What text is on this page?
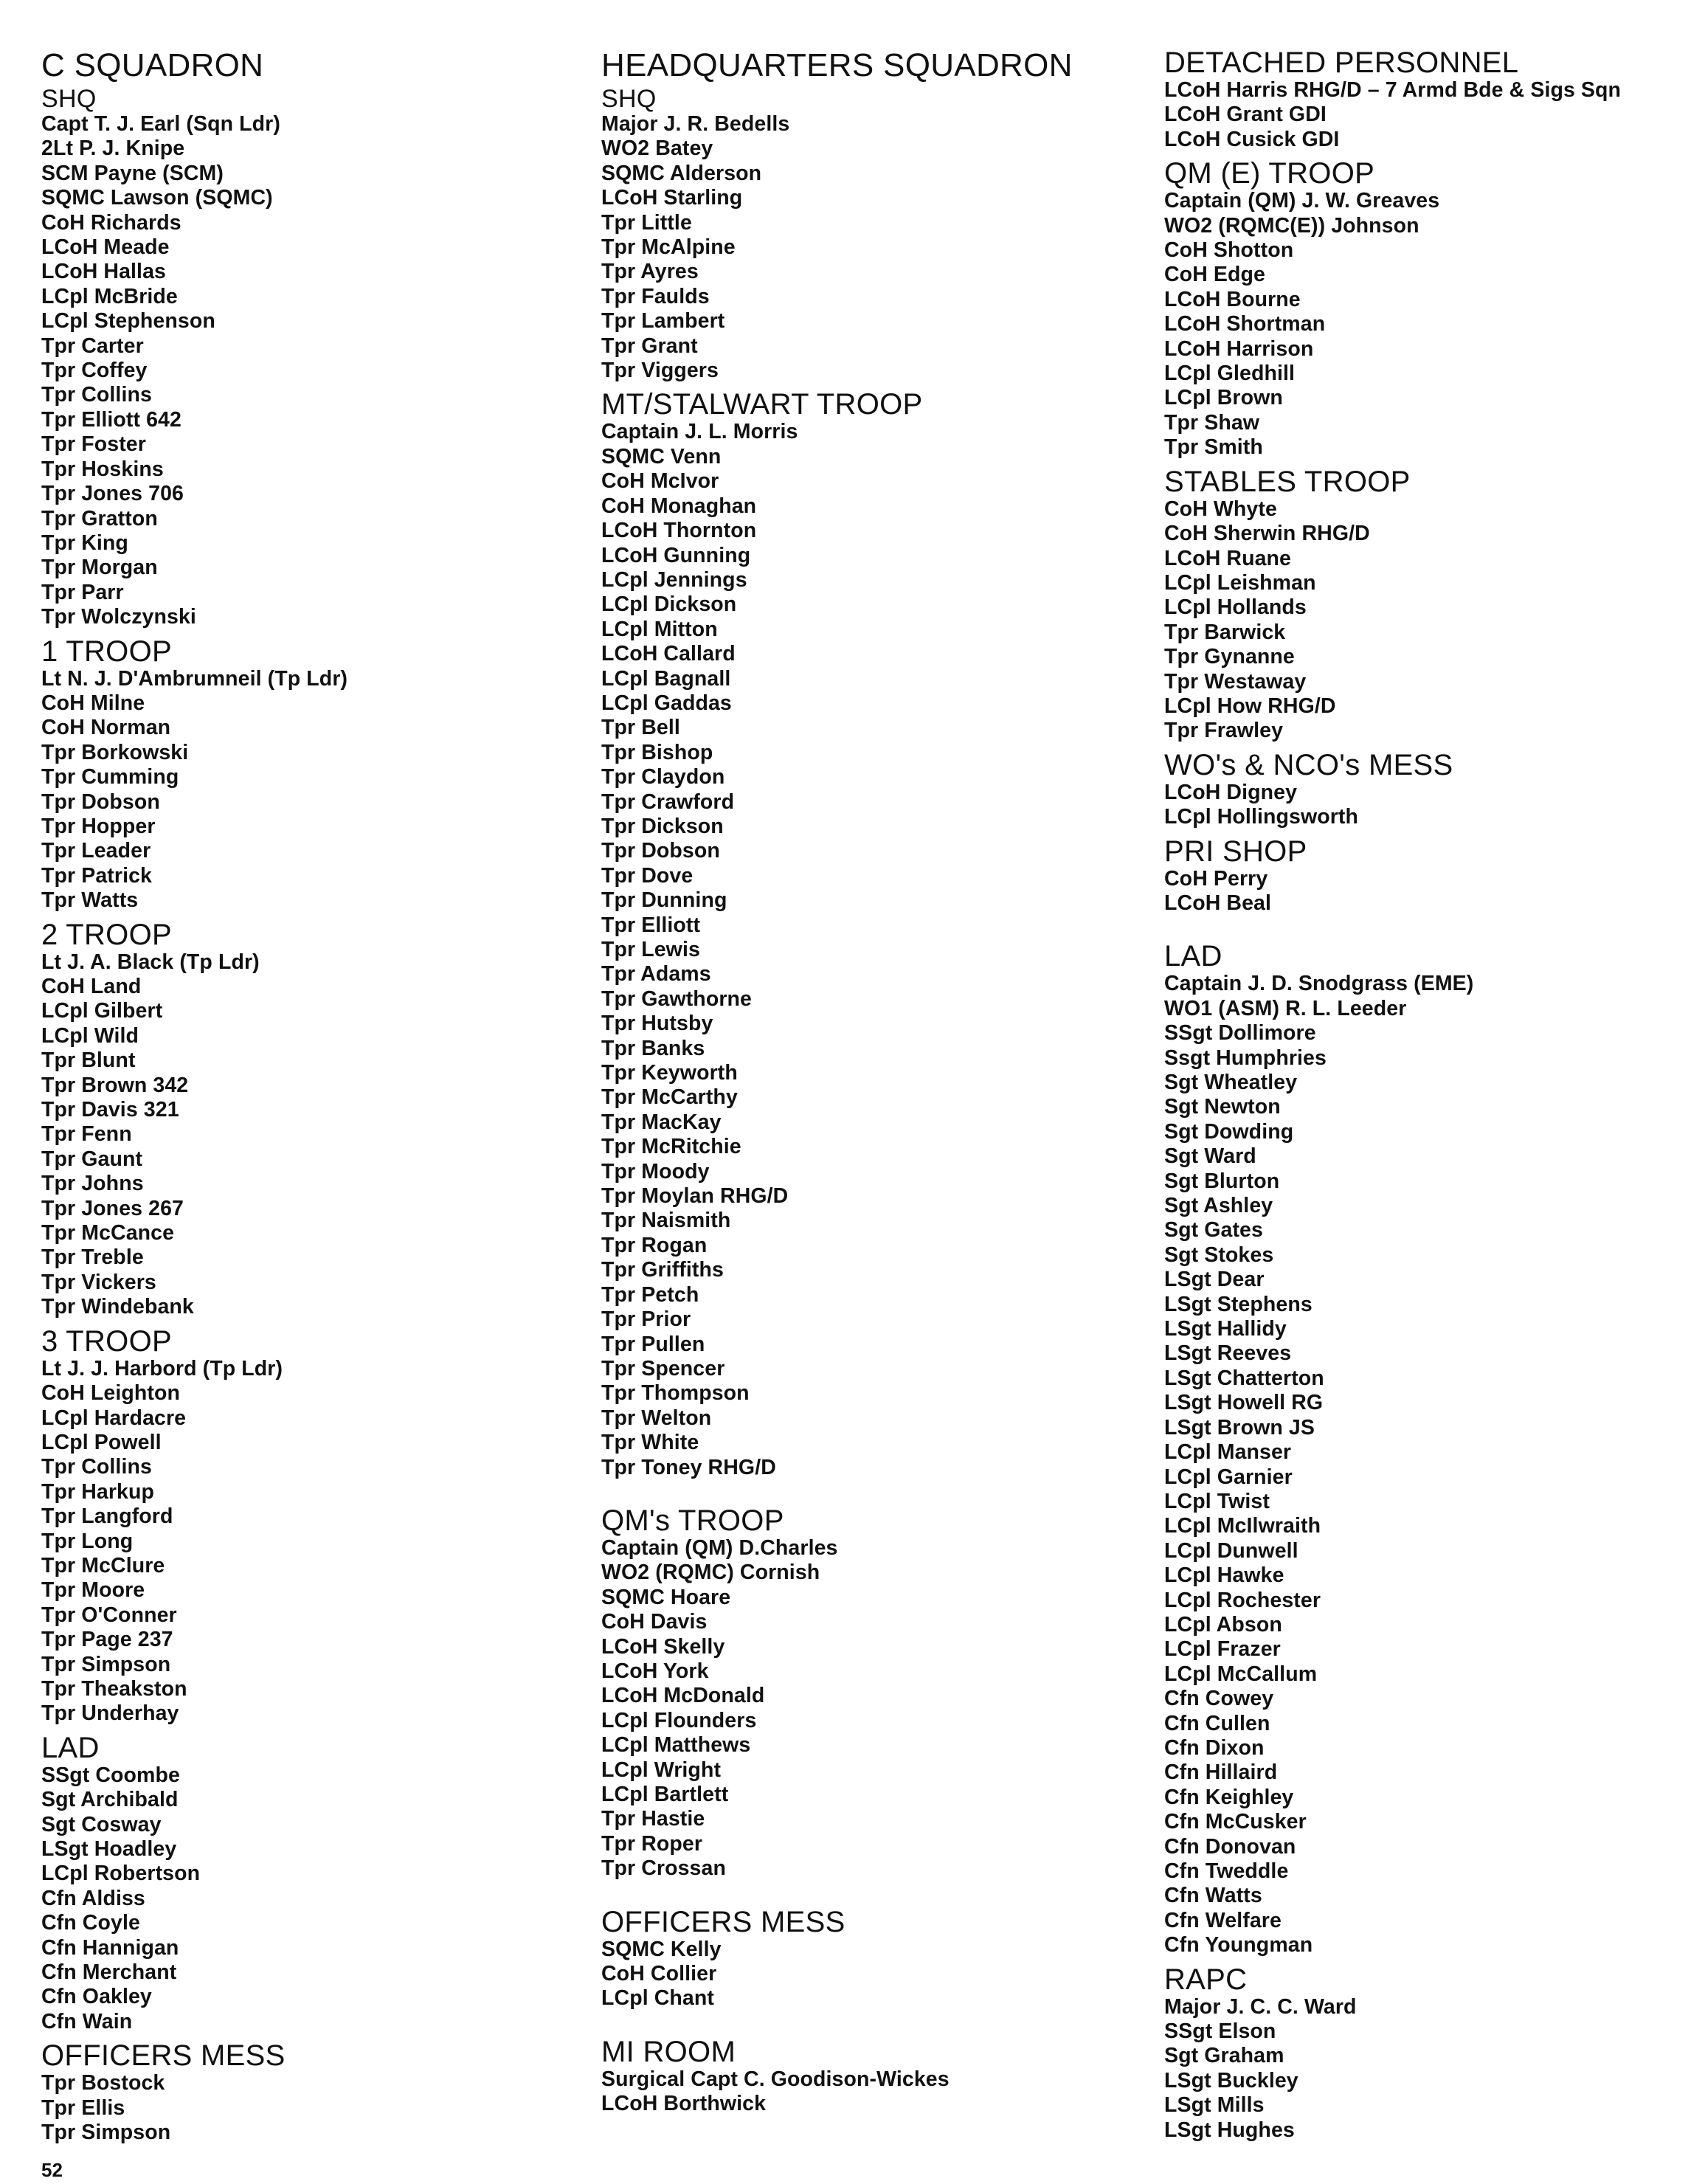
C SQUADRON
SHQ
Capt T. J. Earl (Sqn Ldr)
2Lt P. J. Knipe
SCM Payne (SCM)
SQMC Lawson (SQMC)
CoH Richards
LCoH Meade
LCoH Hallas
LCpl McBride
LCpl Stephenson
Tpr Carter
Tpr Coffey
Tpr Collins
Tpr Elliott 642
Tpr Foster
Tpr Hoskins
Tpr Jones 706
Tpr Gratton
Tpr King
Tpr Morgan
Tpr Parr
Tpr Wolczynski
1 TROOP
Lt N. J. D'Ambrumneil (Tp Ldr)
CoH Milne
CoH Norman
Tpr Borkowski
Tpr Cumming
Tpr Dobson
Tpr Hopper
Tpr Leader
Tpr Patrick
Tpr Watts
2 TROOP
Lt J. A. Black (Tp Ldr)
CoH Land
LCpl Gilbert
LCpl Wild
Tpr Blunt
Tpr Brown 342
Tpr Davis 321
Tpr Fenn
Tpr Gaunt
Tpr Johns
Tpr Jones 267
Tpr McCance
Tpr Treble
Tpr Vickers
Tpr Windebank
3 TROOP
Lt J. J. Harbord (Tp Ldr)
CoH Leighton
LCpl Hardacre
LCpl Powell
Tpr Collins
Tpr Harkup
Tpr Langford
Tpr Long
Tpr McClure
Tpr Moore
Tpr O'Conner
Tpr Page 237
Tpr Simpson
Tpr Theakston
Tpr Underhay
LAD
SSgt Coombe
Sgt Archibald
Sgt Cosway
LSgt Hoadley
LCpl Robertson
Cfn Aldiss
Cfn Coyle
Cfn Hannigan
Cfn Merchant
Cfn Oakley
Cfn Wain
OFFICERS MESS
Tpr Bostock
Tpr Ellis
Tpr Simpson
HEADQUARTERS SQUADRON
SHQ
Major J. R. Bedells
WO2 Batey
SQMC Alderson
LCoH Starling
Tpr Little
Tpr McAlpine
Tpr Ayres
Tpr Faulds
Tpr Lambert
Tpr Grant
Tpr Viggers
MT/STALWART TROOP
Captain J. L. Morris
SQMC Venn
CoH McIvor
CoH Monaghan
LCoH Thornton
LCoH Gunning
LCpl Jennings
LCpl Dickson
LCpl Mitton
LCoH Callard
LCpl Bagnall
LCpl Gaddas
Tpr Bell
Tpr Bishop
Tpr Claydon
Tpr Crawford
Tpr Dickson
Tpr Dobson
Tpr Dove
Tpr Dunning
Tpr Elliott
Tpr Lewis
Tpr Adams
Tpr Gawthorne
Tpr Hutsby
Tpr Banks
Tpr Keyworth
Tpr McCarthy
Tpr MacKay
Tpr McRitchie
Tpr Moody
Tpr Moylan RHG/D
Tpr Naismith
Tpr Rogan
Tpr Griffiths
Tpr Petch
Tpr Prior
Tpr Pullen
Tpr Spencer
Tpr Thompson
Tpr Welton
Tpr White
Tpr Toney RHG/D
QM's TROOP
Captain (QM) D.Charles
WO2 (RQMC) Cornish
SQMC Hoare
CoH Davis
LCoH Skelly
LCoH York
LCoH McDonald
LCpl Flounders
LCpl Matthews
LCpl Wright
LCpl Bartlett
Tpr Hastie
Tpr Roper
Tpr Crossan
OFFICERS MESS
SQMC Kelly
CoH Collier
LCpl Chant
MI ROOM
Surgical Capt C. Goodison-Wickes
LCoH Borthwick
DETACHED PERSONNEL
LCoH Harris RHG/D – 7 Armd Bde & Sigs Sqn
LCoH Grant GDI
LCoH Cusick GDI
QM (E) TROOP
Captain (QM) J. W. Greaves
WO2 (RQMC(E)) Johnson
CoH Shotton
CoH Edge
LCoH Bourne
LCoH Shortman
LCoH Harrison
LCpl Gledhill
LCpl Brown
Tpr Shaw
Tpr Smith
STABLES TROOP
CoH Whyte
CoH Sherwin RHG/D
LCoH Ruane
LCpl Leishman
LCpl Hollands
Tpr Barwick
Tpr Gynanne
Tpr Westaway
LCpl How RHG/D
Tpr Frawley
WO's & NCO's MESS
LCoH Digney
LCpl Hollingsworth
PRI SHOP
CoH Perry
LCoH Beal
LAD
Captain J. D. Snodgrass (EME)
WO1 (ASM) R. L. Leeder
SSgt Dollimore
Ssgt Humphries
Sgt Wheatley
Sgt Newton
Sgt Dowding
Sgt Ward
Sgt Blurton
Sgt Ashley
Sgt Gates
Sgt Stokes
LSgt Dear
LSgt Stephens
LSgt Hallidy
LSgt Reeves
LSgt Chatterton
LSgt Howell RG
LSgt Brown JS
LCpl Manser
LCpl Garnier
LCpl Twist
LCpl McIlwraith
LCpl Dunwell
LCpl Hawke
LCpl Rochester
LCpl Abson
LCpl Frazer
LCpl McCallum
Cfn Cowey
Cfn Cullen
Cfn Dixon
Cfn Hillaird
Cfn Keighley
Cfn McCusker
Cfn Donovan
Cfn Tweddle
Cfn Watts
Cfn Welfare
Cfn Youngman
RAPC
Major J. C. C. Ward
SSgt Elson
Sgt Graham
LSgt Buckley
LSgt Mills
LSgt Hughes
52
